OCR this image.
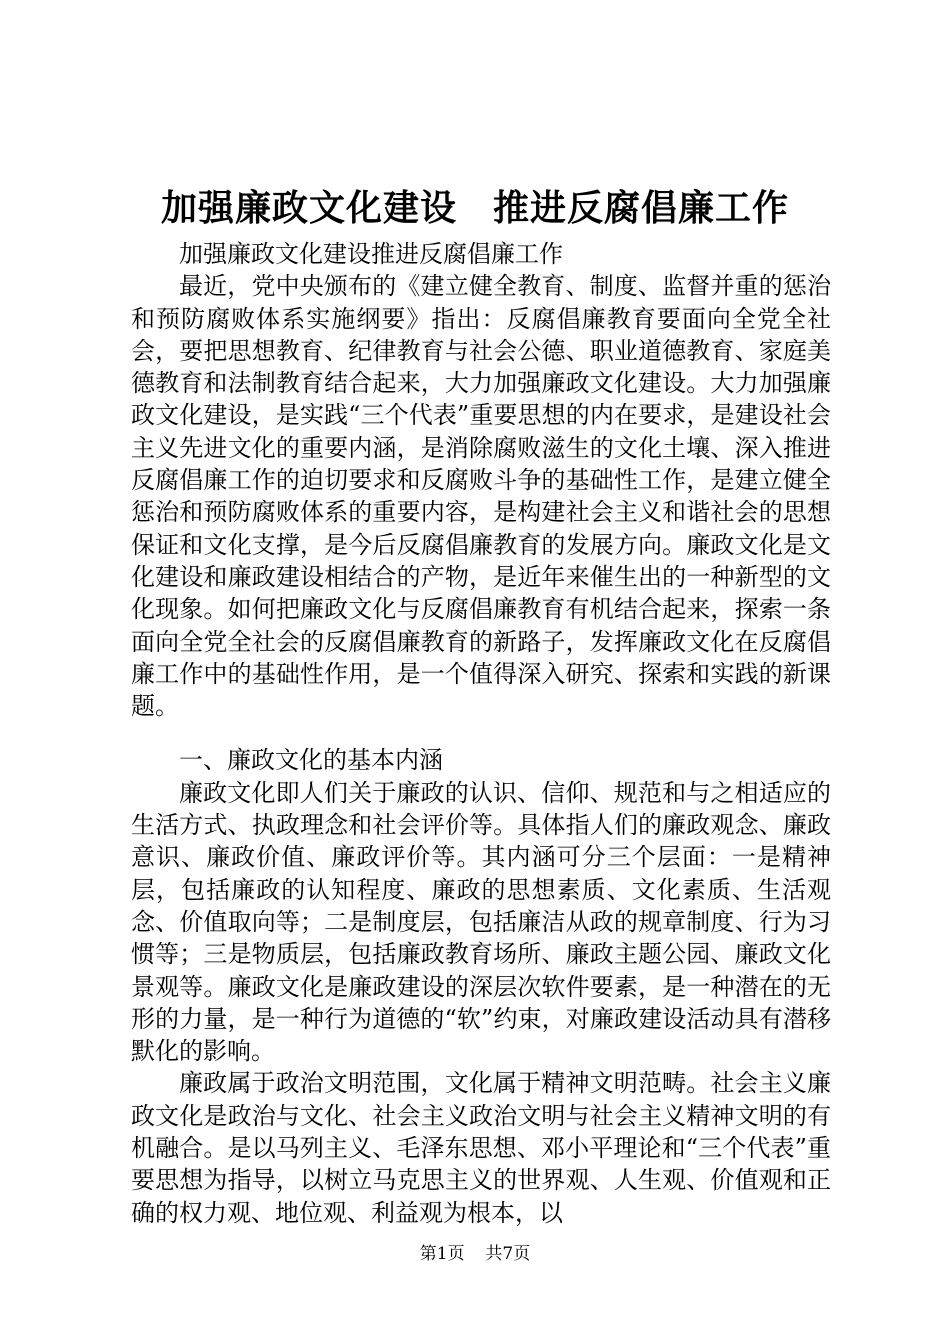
加强廉政文化建设 推进反腐倡廉工作

加强廉政文化建设推进反腐倡廉工作

最近，党中央颁布的《建立健全教育、制度、监督并重的惩治和预防腐败体系实施纲要》指出：反腐倡廉教育要面向全党全社会，要把思想教育、纪律教育与社会公德、职业道德教育、家庭美德教育和法制教育结合起来，大力加强廉政文化建设。大力加强廉政文化建设，是实践“三个代表”重要思想的内在要求，是建设社会主义先进文化的重要内涵，是消除腐败滋生的文化土壤、深入推进反腐倡廉工作的迫切要求和反腐败斗争的基础性工作，是建立健全惩治和预防腐败体系的重要内容，是构建社会主义和谐社会的思想保证和文化支撑，是今后反腐倡廉教育的发展方向。廉政文化是文化建设和廉政建设相结合的产物，是近年来催生出的一种新型的文化现象。如何把廉政文化与反腐倡廉教育有机结合起来，探索一条面向全党全社会的反腐倡廉教育的新路子，发挥廉政文化在反腐倡廉工作中的基础性作用，是一个值得深入研究、探索和实践的新课题。

一、廉政文化的基本内涵

廉政文化即人们关于廉政的认识、信仰、规范和与之相适应的生活方式、执政理念和社会评价等。具体指人们的廉政观念、廉政意识、廉政价值、廉政评价等。其内涵可分三个层面：一是精神层，包括廉政的认知程度、廉政的思想素质、文化素质、生活观念、价值取向等；二是制度层，包括廉洁从政的规章制度、行为习惯等；三是物质层，包括廉政教育场所、廉政主题公园、廉政文化景观等。廉政文化是廉政建设的深层次软件要素，是一种潜在的无形的力量，是一种行为道德的“软”约束，对廉政建设活动具有潜移默化的影响。

廉政属于政治文明范围，文化属于精神文明范畴。社会主义廉政文化是政治与文化、社会主义政治文明与社会主义精神文明的有机融合。是以马列主义、毛泽东思想、邓小平理论和“三个代表”重要思想为指导，以树立马克思主义的世界观、人生观、价值观和正确的权力观、地位观、利益观为根本，以

第1页 共7页
